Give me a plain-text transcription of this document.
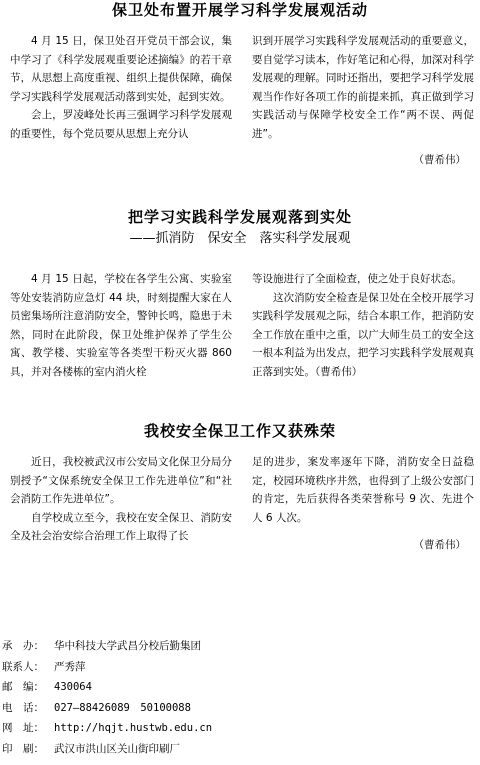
保卫处布置开展学习科学发展观活动

4 月 15 日，保卫处召开党员干部会议，集中学习了《科学发展观重要论述摘编》的若干章节，从思想上高度重视、组织上提供保障，确保学习实践科学发展观活动落到实处，起到实效。

会上，罗凌峰处长再三强调学习科学发展观的重要性，每个党员要从思想上充分认

识到开展学习实践科学发展观活动的重要意义，要自觉学习读本，作好笔记和心得，加深对科学发展观的理解。同时还指出，要把学习科学发展观当作作好各项工作的前提来抓，真正做到学习实践活动与保障学校安全工作“两不误、两促进”。

（曹希伟）
把学习实践科学发展观落到实处
——抓消防　保安全　落实科学发展观

4 月 15 日起，学校在各学生公寓、实验室等处安装消防应急灯 44 块，时刻提醒大家在人员密集场所注意消防安全，警钟长鸣，隐患于未然，同时在此阶段，保卫处维护保养了学生公寓、教学楼、实验室等各类型干粉灭火器 860 具，并对各楼栋的室内消火栓

等设施进行了全面检查，使之处于良好状态。

这次消防安全检查是保卫处在全校开展学习实践科学发展观之际，结合本职工作，把消防安全工作放在重中之重，以广大师生员工的安全这一根本利益为出发点，把学习实践科学发展观真正落到实处。（曹希伟）

我校安全保卫工作又获殊荣

近日，我校被武汉市公安局文化保卫分局分别授予“文保系统安全保卫工作先进单位”和“社会消防工作先进单位”。

自学校成立至今，我校在安全保卫、消防安全及社会治安综合治理工作上取得了长

足的进步，案发率逐年下降，消防安全日益稳定，校园环境秩序井然，也得到了上级公安部门的肯定，先后获得各类荣誉称号 9 次、先进个人 6 人次。

（曹希伟）
承　办： 华中科技大学武昌分校后勤集团
联系人： 严秀萍
邮　编： 430064
电　话： 027—88426089　50100088
网　址： http://hqjt.hustwb.edu.cn
印　刷： 武汉市洪山区关山街印刷厂
